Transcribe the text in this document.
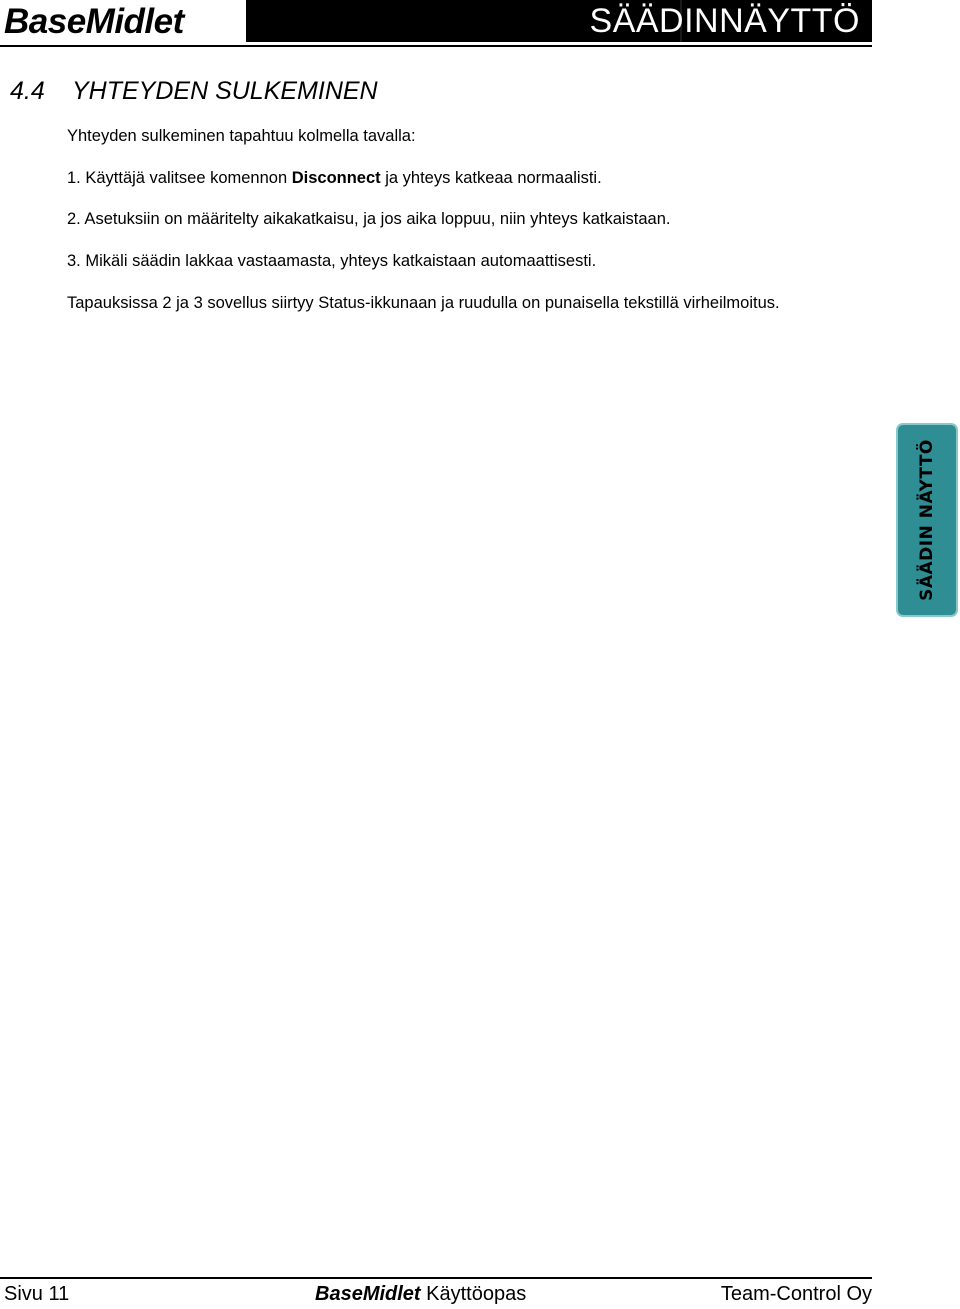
BaseMidlet	SÄÄDINNÄYTTÖ
4.4 YHTEYDEN SULKEMINEN

Yhteyden sulkeminen tapahtuu kolmella tavalla:

1. Käyttäjä valitsee komennon Disconnect ja yhteys katkeaa normaalisti.

2. Asetuksiin on määritelty aikakatkaisu, ja jos aika loppuu, niin yhteys katkaistaan.

3. Mikäli säädin lakkaa vastaamasta, yhteys katkaistaan automaattisesti.

Tapauksissa 2 ja 3 sovellus siirtyy Status-ikkunaan ja ruudulla on punaisella tekstillä virheilmoitus.

SÄÄDIN NÄYTTÖ
Sivu 11	BaseMidlet Käyttöopas	Team-Control Oy
